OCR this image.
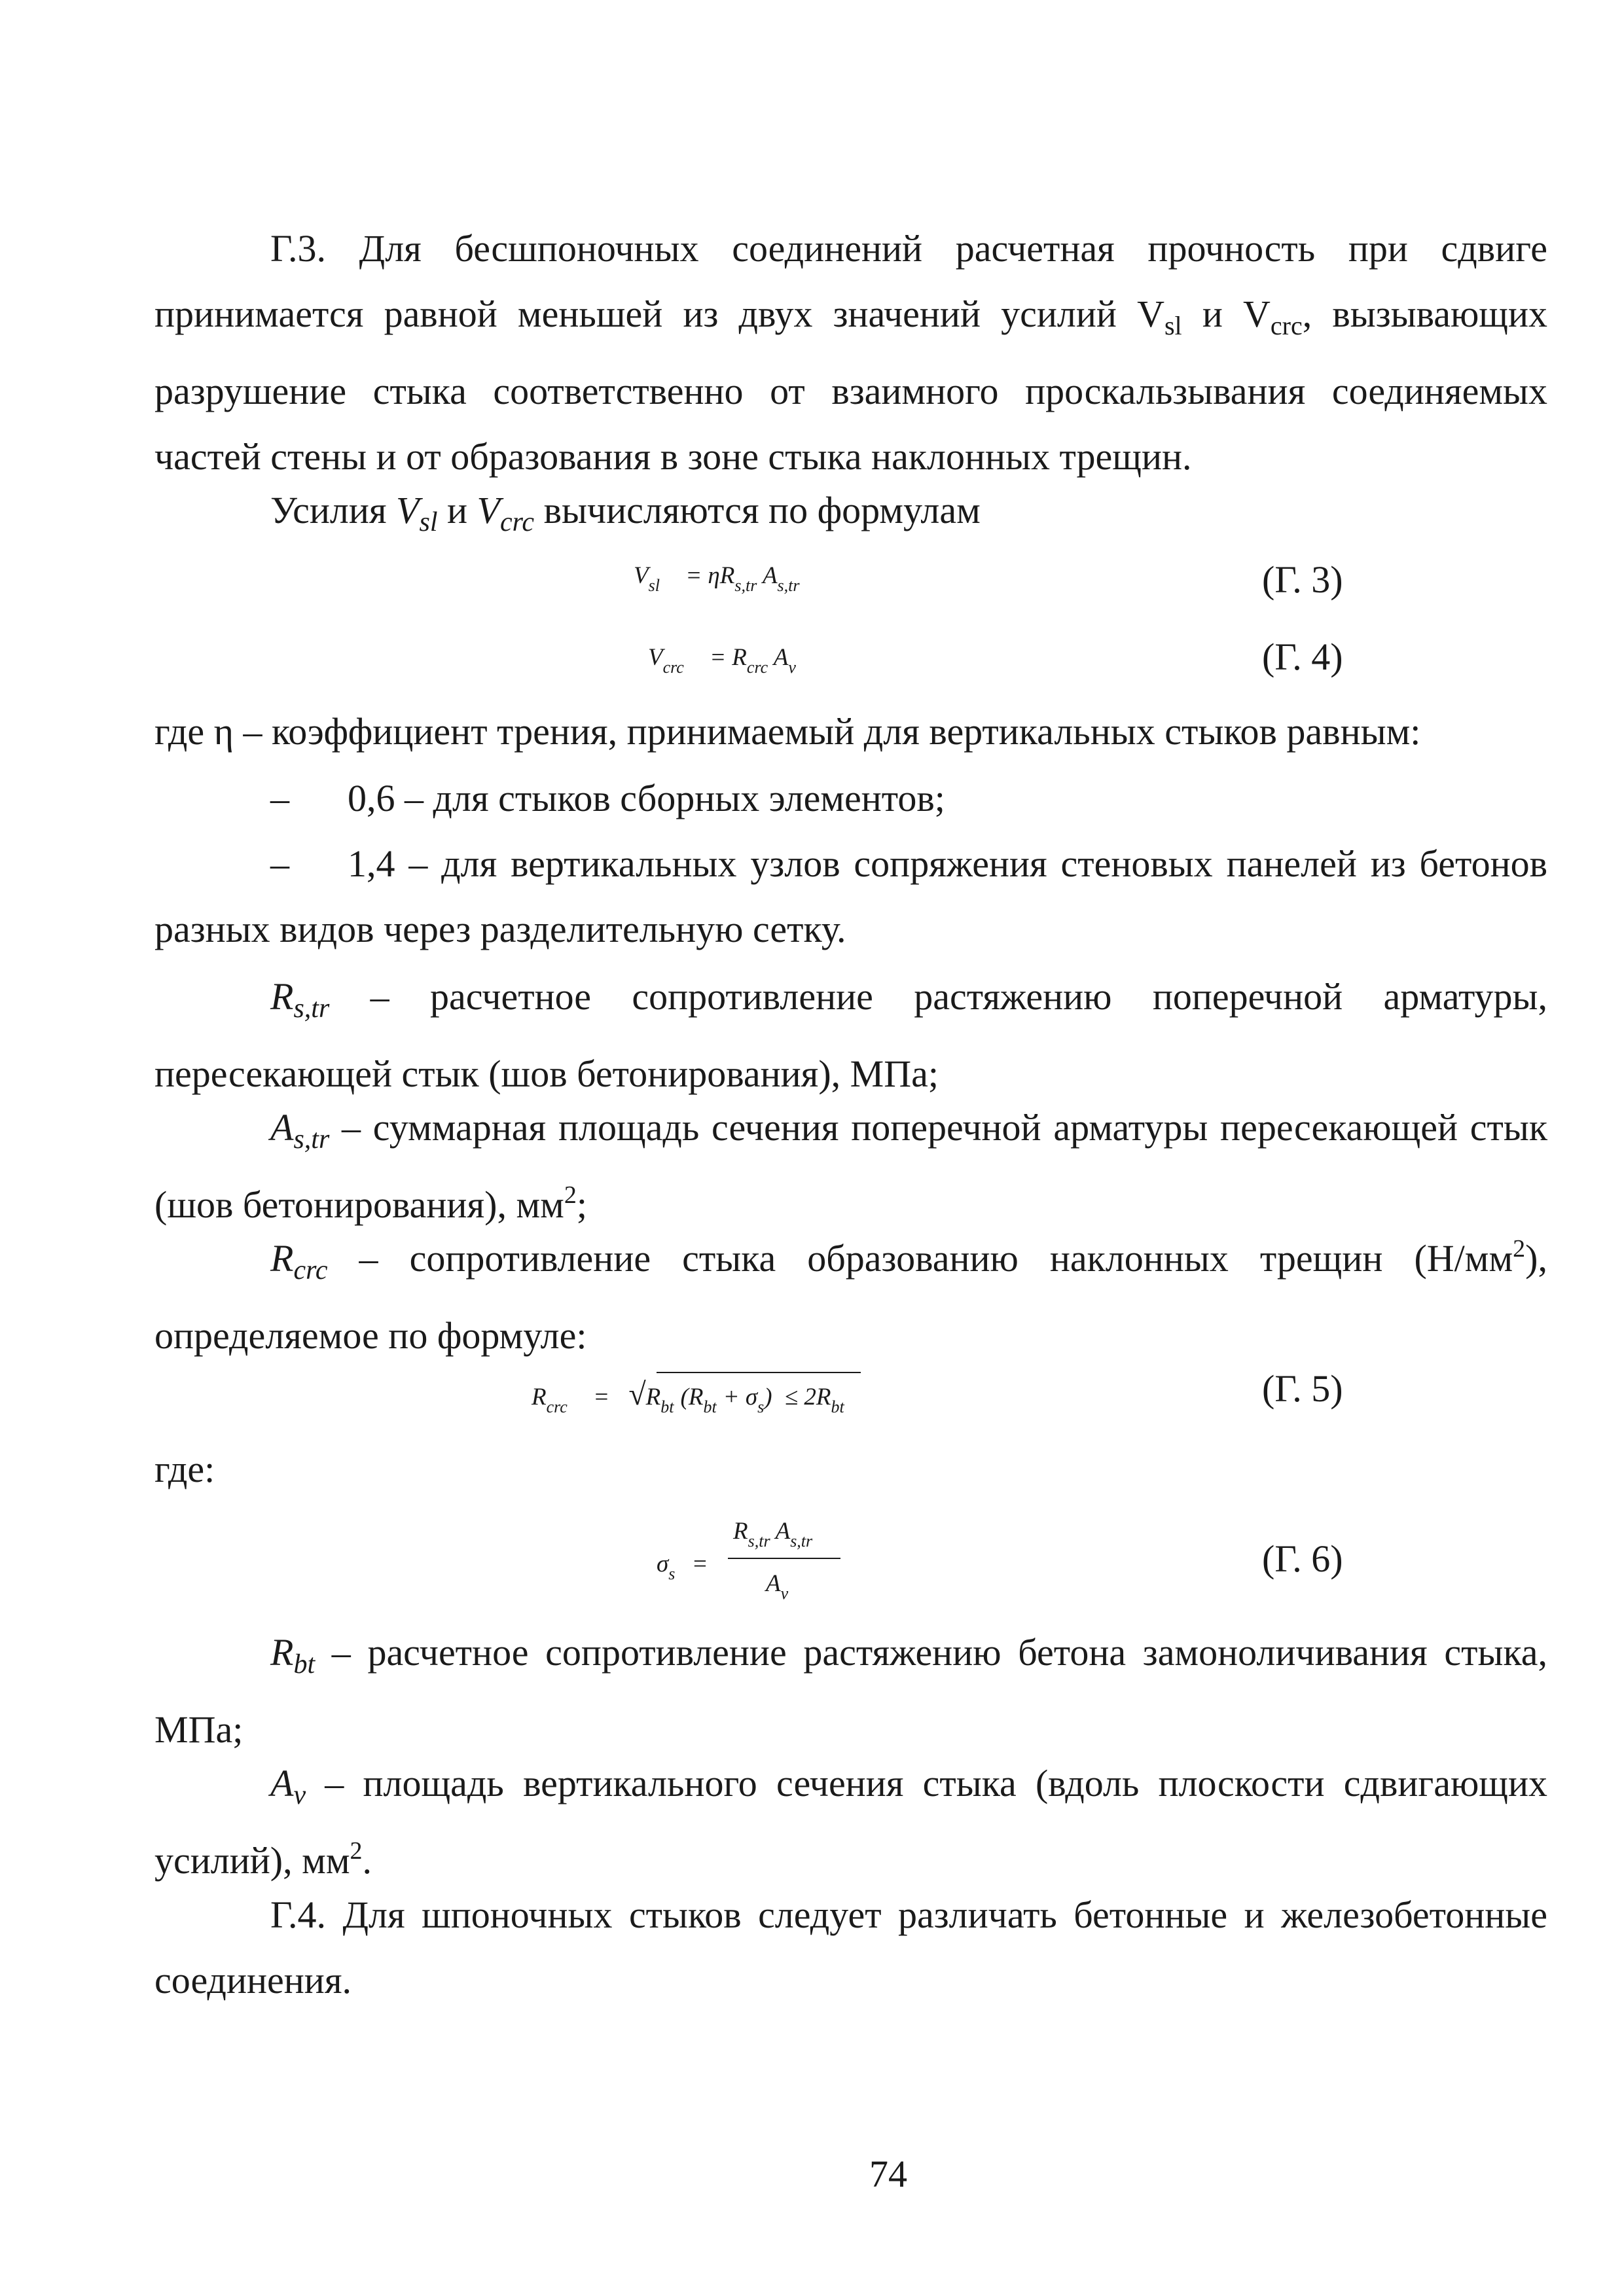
Г.3. Для бесшпоночных соединений расчетная прочность при сдвиге принимается равной меньшей из двух значений усилий $V_{sl}$ и $V_{crc}$, вызывающих разрушение стыка соответственно от взаимного проскальзывания соединяемых частей стены и от образования в зоне стыка наклонных трещин.
Усилия $V_{sl}$ и $V_{crc}$ вычисляются по формулам
$V_{sl} = \eta R_{s,tr}$ $A_{s,tr}$	(Г. 3)
$V_{crc} = R_{crc}$ $A_v$	(Г. 4)
где η – коэффициент трения, принимаемый для вертикальных стыков равным:
–	0,6 – для стыков сборных элементов;
–	1,4 – для вертикальных узлов сопряжения стеновых панелей из бетонов разных видов через разделительную сетку.
$R_{s,tr}$ – расчетное сопротивление растяжению поперечной арматуры, пересекающей стык (шов бетонирования), МПа;
$A_{s,tr}$ – суммарная площадь сечения поперечной арматуры пересекающей стык (шов бетонирования), $мм^2$;
$R_{crc}$ – сопротивление стыка образованию наклонных трещин $(Н/мм^2)$, определяемое по формуле:
$R_{crc} = √R_{bt}$ $(R_{bt} + \sigma_s) \le 2R_{bt}$	(Г. 5)
где:
$\sigma_s$ =
$R_{s,tr}$ $A_{s,tr}$
$A_v$
(Г. 6)
$R_{bt}$ – расчетное сопротивление растяжению бетона замоноличивания стыка, МПа;
$A_v$ – площадь вертикального сечения стыка (вдоль плоскости сдвигающих усилий), $мм^2$.
Г.4. Для шпоночных стыков следует различать бетонные и железобетонные соединения.
74
